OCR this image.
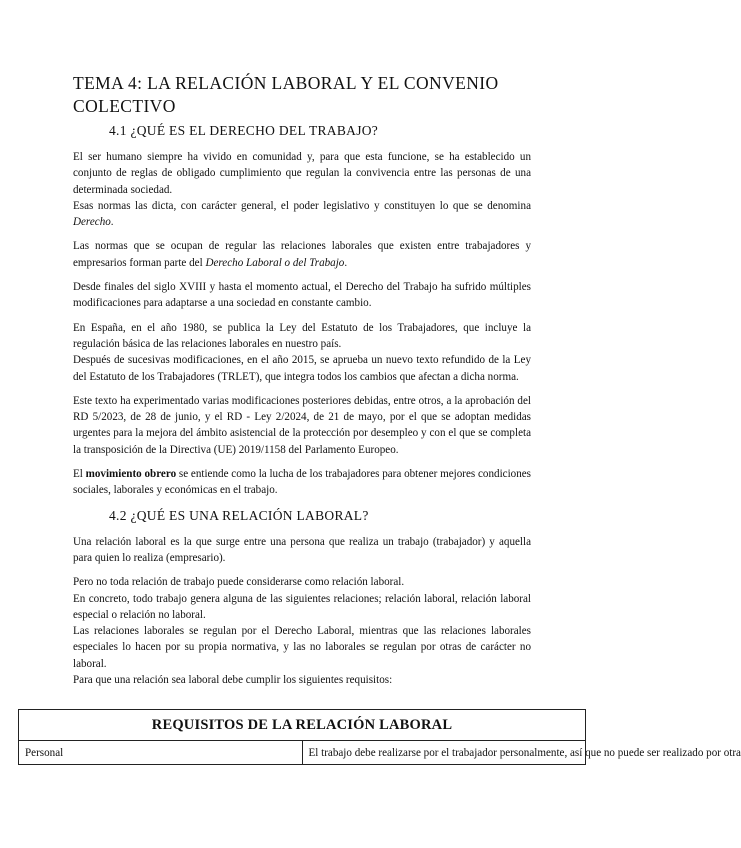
TEMA 4: LA RELACIÓN LABORAL Y EL CONVENIO COLECTIVO
4.1 ¿QUÉ ES EL DERECHO DEL TRABAJO?

El ser humano siempre ha vivido en comunidad y, para que esta funcione, se ha establecido un conjunto de reglas de obligado cumplimiento que regulan la convivencia entre las personas de una determinada sociedad.

Esas normas las dicta, con carácter general, el poder legislativo y constituyen lo que se denomina Derecho.

Las normas que se ocupan de regular las relaciones laborales que existen entre trabajadores y empresarios forman parte del Derecho Laboral o del Trabajo.

Desde finales del siglo XVIII y hasta el momento actual, el Derecho del Trabajo ha sufrido múltiples modificaciones para adaptarse a una sociedad en constante cambio.

En España, en el año 1980, se publica la Ley del Estatuto de los Trabajadores, que incluye la regulación básica de las relaciones laborales en nuestro país.

Después de sucesivas modificaciones, en el año 2015, se aprueba un nuevo texto refundido de la Ley del Estatuto de los Trabajadores (TRLET), que integra todos los cambios que afectan a dicha norma.

Este texto ha experimentado varias modificaciones posteriores debidas, entre otros, a la aprobación del RD 5/2023, de 28 de junio, y el RD - Ley 2/2024, de 21 de mayo, por el que se adoptan medidas urgentes para la mejora del ámbito asistencial de la protección por desempleo y con el que se completa la transposición de la Directiva (UE) 2019/1158 del Parlamento Europeo.

El movimiento obrero se entiende como la lucha de los trabajadores para obtener mejores condiciones sociales, laborales y económicas en el trabajo.

4.2 ¿QUÉ ES UNA RELACIÓN LABORAL?

Una relación laboral es la que surge entre una persona que realiza un trabajo (trabajador) y aquella para quien lo realiza (empresario).

Pero no toda relación de trabajo puede considerarse como relación laboral.

En concreto, todo trabajo genera alguna de las siguientes relaciones; relación laboral, relación laboral especial o relación no laboral.

Las relaciones laborales se regulan por el Derecho Laboral, mientras que las relaciones laborales especiales lo hacen por su propia normativa, y las no laborales se regulan por otras de carácter no laboral.

Para que una relación sea laboral debe cumplir los siguientes requisitos:

REQUISITOS DE LA RELACIÓN LABORAL
Personal	El trabajo debe realizarse por el trabajador personalmente, así que no puede ser realizado por otra
